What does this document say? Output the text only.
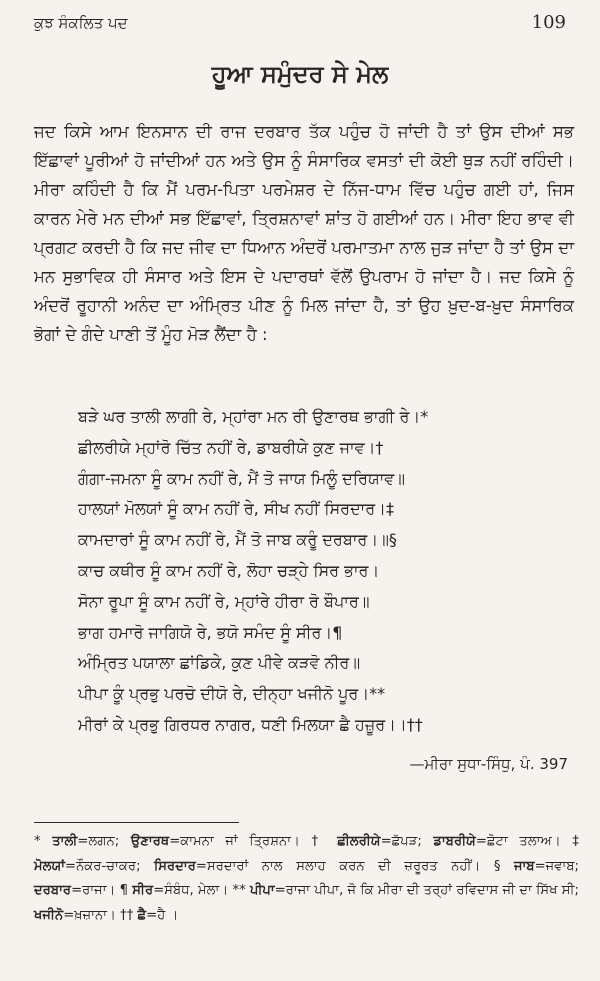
ਕੁਝ ਸੰਕਲਿਤ ਪਦ	109
ਹੂਆ ਸਮੁੰਦਰ ਸੇ ਮੇਲ

ਜਦ ਕਿਸੇ ਆਮ ਇਨਸਾਨ ਦੀ ਰਾਜ ਦਰਬਾਰ ਤੱਕ ਪਹੁੰਚ ਹੋ ਜਾਂਦੀ ਹੈ ਤਾਂ ਉਸ ਦੀਆਂ ਸਭ ਇੱਛਾਵਾਂ ਪੂਰੀਆਂ ਹੋ ਜਾਂਦੀਆਂ ਹਨ ਅਤੇ ਉਸ ਨੂੰ ਸੰਸਾਰਿਕ ਵਸਤਾਂ ਦੀ ਕੋਈ ਥੁੜ ਨਹੀਂ ਰਹਿੰਦੀ। ਮੀਰਾ ਕਹਿੰਦੀ ਹੈ ਕਿ ਮੈਂ ਪਰਮ-ਪਿਤਾ ਪਰਮੇਸ਼ਰ ਦੇ ਨਿੱਜ-ਧਾਮ ਵਿੱਚ ਪਹੁੰਚ ਗਈ ਹਾਂ, ਜਿਸ ਕਾਰਨ ਮੇਰੇ ਮਨ ਦੀਆਂ ਸਭ ਇੱਛਾਵਾਂ, ਤ੍ਰਿਸ਼ਨਾਵਾਂ ਸ਼ਾਂਤ ਹੋ ਗਈਆਂ ਹਨ। ਮੀਰਾ ਇਹ ਭਾਵ ਵੀ ਪ੍ਰਗਟ ਕਰਦੀ ਹੈ ਕਿ ਜਦ ਜੀਵ ਦਾ ਧਿਆਨ ਅੰਦਰੋਂ ਪਰਮਾਤਮਾ ਨਾਲ ਜੁੜ ਜਾਂਦਾ ਹੈ ਤਾਂ ਉਸ ਦਾ ਮਨ ਸੁਭਾਵਿਕ ਹੀ ਸੰਸਾਰ ਅਤੇ ਇਸ ਦੇ ਪਦਾਰਥਾਂ ਵੱਲੋਂ ਉਪਰਾਮ ਹੋ ਜਾਂਦਾ ਹੈ। ਜਦ ਕਿਸੇ ਨੂੰ ਅੰਦਰੋਂ ਰੂਹਾਨੀ ਅਨੰਦ ਦਾ ਅੰਮ੍ਰਿਤ ਪੀਣ ਨੂੰ ਮਿਲ ਜਾਂਦਾ ਹੈ, ਤਾਂ ਉਹ ਖ਼ੁਦ-ਬ-ਖ਼ੁਦ ਸੰਸਾਰਿਕ ਭੋਗਾਂ ਦੇ ਗੰਦੇ ਪਾਣੀ ਤੋਂ ਮੂੰਹ ਮੋੜ ਲੈਂਦਾ ਹੈ :

ਬੜੇ ਘਰ ਤਾਲੀ ਲਾਗੀ ਰੇ, ਮ੍ਹਾਂਰਾ ਮਨ ਰੀ ਉਣਾਰਥ ਭਾਗੀ ਰੇ।*
ਛੀਲਰੀਯੇ ਮ੍ਹਾਂਰੋ ਚਿੱਤ ਨਹੀਂ ਰੇ, ਡਾਬਰੀਯੇ ਕੁਣ ਜਾਵ।†
ਗੰਗਾ-ਜਮਨਾ ਸੂੰ ਕਾਮ ਨਹੀਂ ਰੇ, ਮੈਂ ਤੋ ਜਾਯ ਮਿਲੂੰ ਦਰਿਯਾਵ॥
ਹਾਲਯਾਂ ਮੋਲਯਾਂ ਸੂੰ ਕਾਮ ਨਹੀਂ ਰੇ, ਸੀਖ ਨਹੀਂ ਸਿਰਦਾਰ।‡
ਕਾਮਦਾਰਾਂ ਸੂੰ ਕਾਮ ਨਹੀਂ ਰੇ, ਮੈਂ ਤੋ ਜਾਬ ਕਰੂੰ ਦਰਬਾਰ।॥§
ਕਾਚ ਕਥੀਰ ਸੂੰ ਕਾਮ ਨਹੀਂ ਰੇ, ਲੋਹਾ ਚੜ੍ਹੇ ਸਿਰ ਭਾਰ।
ਸੋਨਾ ਰੂਪਾ ਸੂੰ ਕਾਮ ਨਹੀਂ ਰੇ, ਮ੍ਹਾਂਰੇ ਹੀਰਾ ਰੋ ਬੌਪਾਰ॥
ਭਾਗ ਹਮਾਰੋ ਜਾਗਿਯੋ ਰੇ, ਭਯੋ ਸਮੰਦ ਸੂੰ ਸੀਰ।¶
ਅੰਮ੍ਰਿਤ ਪਯਾਲਾ ਛਾਂਡਿਕੇ, ਕੁਣ ਪੀਵੇ ਕੜਵੋ ਨੀਰ॥
ਪੀਪਾ ਕੂੰ ਪ੍ਰਭੁ ਪਰਚੋ ਦੀਯੋ ਰੇ, ਦੀਨ੍ਹਾ ਖਜੀਨੋ ਪੂਰ।**
ਮੀਰਾਂ ਕੇ ਪ੍ਰਭੁ ਗਿਰਧਰ ਨਾਗਰ, ਧਣੀ ਮਿਲਯਾ ਛੈ ਹਜ਼ੂਰ।।††
—ਮੀਰਾ ਸੁਧਾ-ਸਿੰਧੁ, ਪੰ. 397

* ਤਾਲੀ=ਲਗਨ; ਉਣਾਰਥ=ਕਾਮਨਾ ਜਾਂ ਤ੍ਰਿਸ਼ਨਾ। † ਛੀਲਰੀਯੇ=ਛੱਪੜ; ਡਾਬਰੀਯੇ=ਛੋਟਾ ਤਲਾਅ। ‡ ਮੋਲਯਾਂ=ਨੌਕਰ-ਚਾਕਰ; ਸਿਰਦਾਰ=ਸਰਦਾਰਾਂ ਨਾਲ ਸਲਾਹ ਕਰਨ ਦੀ ਜ਼ਰੂਰਤ ਨਹੀਂ। § ਜਾਬ=ਜਵਾਬ; ਦਰਬਾਰ=ਰਾਜਾ। ¶ ਸੀਰ=ਸੰਬੰਧ, ਮੇਲਾ। ** ਪੀਪਾ=ਰਾਜਾ ਪੀਪਾ, ਜੋ ਕਿ ਮੀਰਾ ਦੀ ਤਰ੍ਹਾਂ ਰਵਿਦਾਸ ਜੀ ਦਾ ਸਿੱਖ ਸੀ; ਖਜੀਨੋ=ਖ਼ਜ਼ਾਨਾ। †† ਛੈ=ਹੈ ।
